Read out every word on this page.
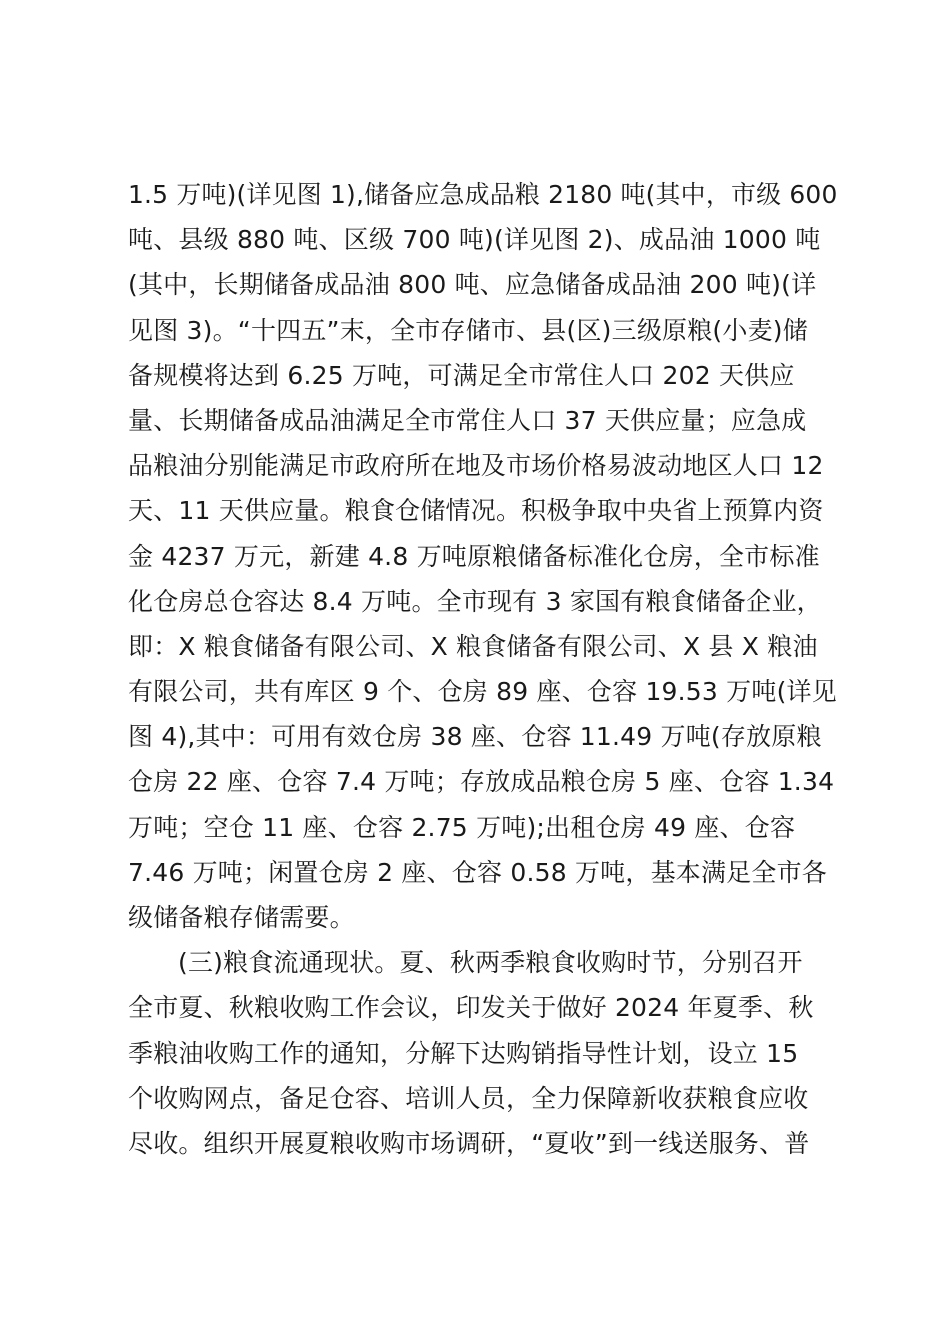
1.5 万吨)(详见图 1),储备应急成品粮 2180 吨(其中，市级 600
吨、县级 880 吨、区级 700 吨)(详见图 2)、成品油 1000 吨
(其中，长期储备成品油 800 吨、应急储备成品油 200 吨)(详
见图 3)。“十四五”末，全市存储市、县(区)三级原粮(小麦)储
备规模将达到 6.25 万吨，可满足全市常住人口 202 天供应
量、长期储备成品油满足全市常住人口 37 天供应量；应急成
品粮油分别能满足市政府所在地及市场价格易波动地区人口 12
天、11 天供应量。粮食仓储情况。积极争取中央省上预算内资
金 4237 万元，新建 4.8 万吨原粮储备标准化仓房，全市标准
化仓房总仓容达 8.4 万吨。全市现有 3 家国有粮食储备企业，
即：X 粮食储备有限公司、X 粮食储备有限公司、X 县 X 粮油
有限公司，共有库区 9 个、仓房 89 座、仓容 19.53 万吨(详见
图 4),其中：可用有效仓房 38 座、仓容 11.49 万吨(存放原粮
仓房 22 座、仓容 7.4 万吨；存放成品粮仓房 5 座、仓容 1.34
万吨；空仓 11 座、仓容 2.75 万吨);出租仓房 49 座、仓容
7.46 万吨；闲置仓房 2 座、仓容 0.58 万吨，基本满足全市各
级储备粮存储需要。
(三)粮食流通现状。夏、秋两季粮食收购时节，分别召开
全市夏、秋粮收购工作会议，印发关于做好 2024 年夏季、秋
季粮油收购工作的通知，分解下达购销指导性计划，设立 15
个收购网点，备足仓容、培训人员，全力保障新收获粮食应收
尽收。组织开展夏粮收购市场调研，“夏收”到一线送服务、普
